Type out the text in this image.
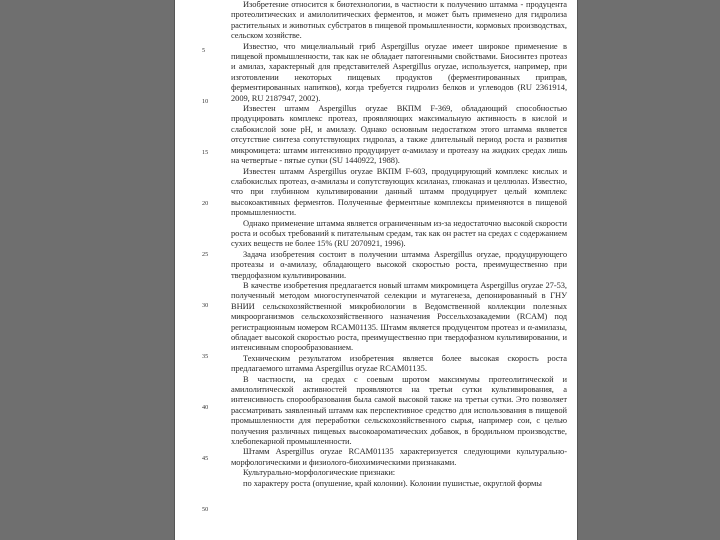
5
10
15
20
25
30
35
40
45
50

Изобретение относится к биотехнологии, в частности к получению штамма - продуцента протеолитических и амилолитических ферментов, и может быть применено для гидролиза растительных и животных субстратов в пищевой промышленности, кормовых производствах, сельском хозяйстве.

Известно, что мицелиальный гриб Aspergillus oryzae имеет широкое применение в пищевой промышленности, так как не обладает патогенными свойствами. Биосинтез протеаз и амилаз, характерный для представителей Aspergillus oryzae, используется, например, при изготовлении некоторых пищевых продуктов (ферментированных приправ, ферментированных напитков), когда требуется гидролиз белков и углеводов (RU 2361914, 2009, RU 2187947, 2002).

Известен штамм Aspergillus oryzae ВКПМ F-369, обладающий способностью продуцировать комплекс протеаз, проявляющих максимальную активность в кислой и слабокислой зоне рН, и амилазу. Однако основным недостатком этого штамма является отсутствие синтеза сопутствующих гидролаз, а также длительный период роста и развития микромицета: штамм интенсивно продуцирует α-амилазу и протеазу на жидких средах лишь на четвертые - пятые сутки (SU 1440922, 1988).

Известен штамм Aspergillus oryzae ВКПМ F-603, продуцирующий комплекс кислых и слабокислых протеаз, α-амилазы и сопутствующих ксиланаз, глюканаз и целлюлаз. Известно, что при глубинном культивировании данный штамм продуцирует целый комплекс высокоактивных ферментов. Полученные ферментные комплексы применяются в пищевой промышленности.

Однако применение штамма является ограниченным из-за недостаточно высокой скорости роста и особых требований к питательным средам, так как он растет на средах с содержанием сухих веществ не более 15% (RU 2070921, 1996).

Задача изобретения состоит в получении штамма Aspergillus oryzae, продуцирующего протеазы и α-амилазу, обладающего высокой скоростью роста, преимущественно при твердофазном культивировании.

В качестве изобретения предлагается новый штамм микромицета Aspergillus oryzae 27-53, полученный методом многоступенчатой селекции и мутагенеза, депонированный в ГНУ ВНИИ сельскохозяйственной микробиологии в Ведомственной коллекции полезных микроорганизмов сельскохозяйственного назначения Россельхозакадемии (RCAM) под регистрационным номером RCAM01135. Штамм является продуцентом протеаз и α-амилазы, обладает высокой скоростью роста, преимущественно при твердофазном культивировании, и интенсивным спорообразованием.

Техническим результатом изобретения является более высокая скорость роста предлагаемого штамма Aspergillus oryzae RCAM01135.

В частности, на средах с соевым шротом максимумы протеолитической и амилолитической активностей проявляются на третьи сутки культивирования, а интенсивность спорообразования была самой высокой также на третьи сутки. Это позволяет рассматривать заявленный штамм как перспективное средство для использования в пищевой промышленности для переработки сельскохозяйственного сырья, например сои, с целью получения различных пищевых высокоароматических добавок, в бродильном производстве, хлебопекарной промышленности.

Штамм Aspergillus oryzae RCAM01135 характеризуется следующими культурально-морфологическими и физиолого-биохимическими признаками.

Культурально-морфологические признаки:

по характеру роста (опушение, край колонии). Колонии пушистые, округлой формы
